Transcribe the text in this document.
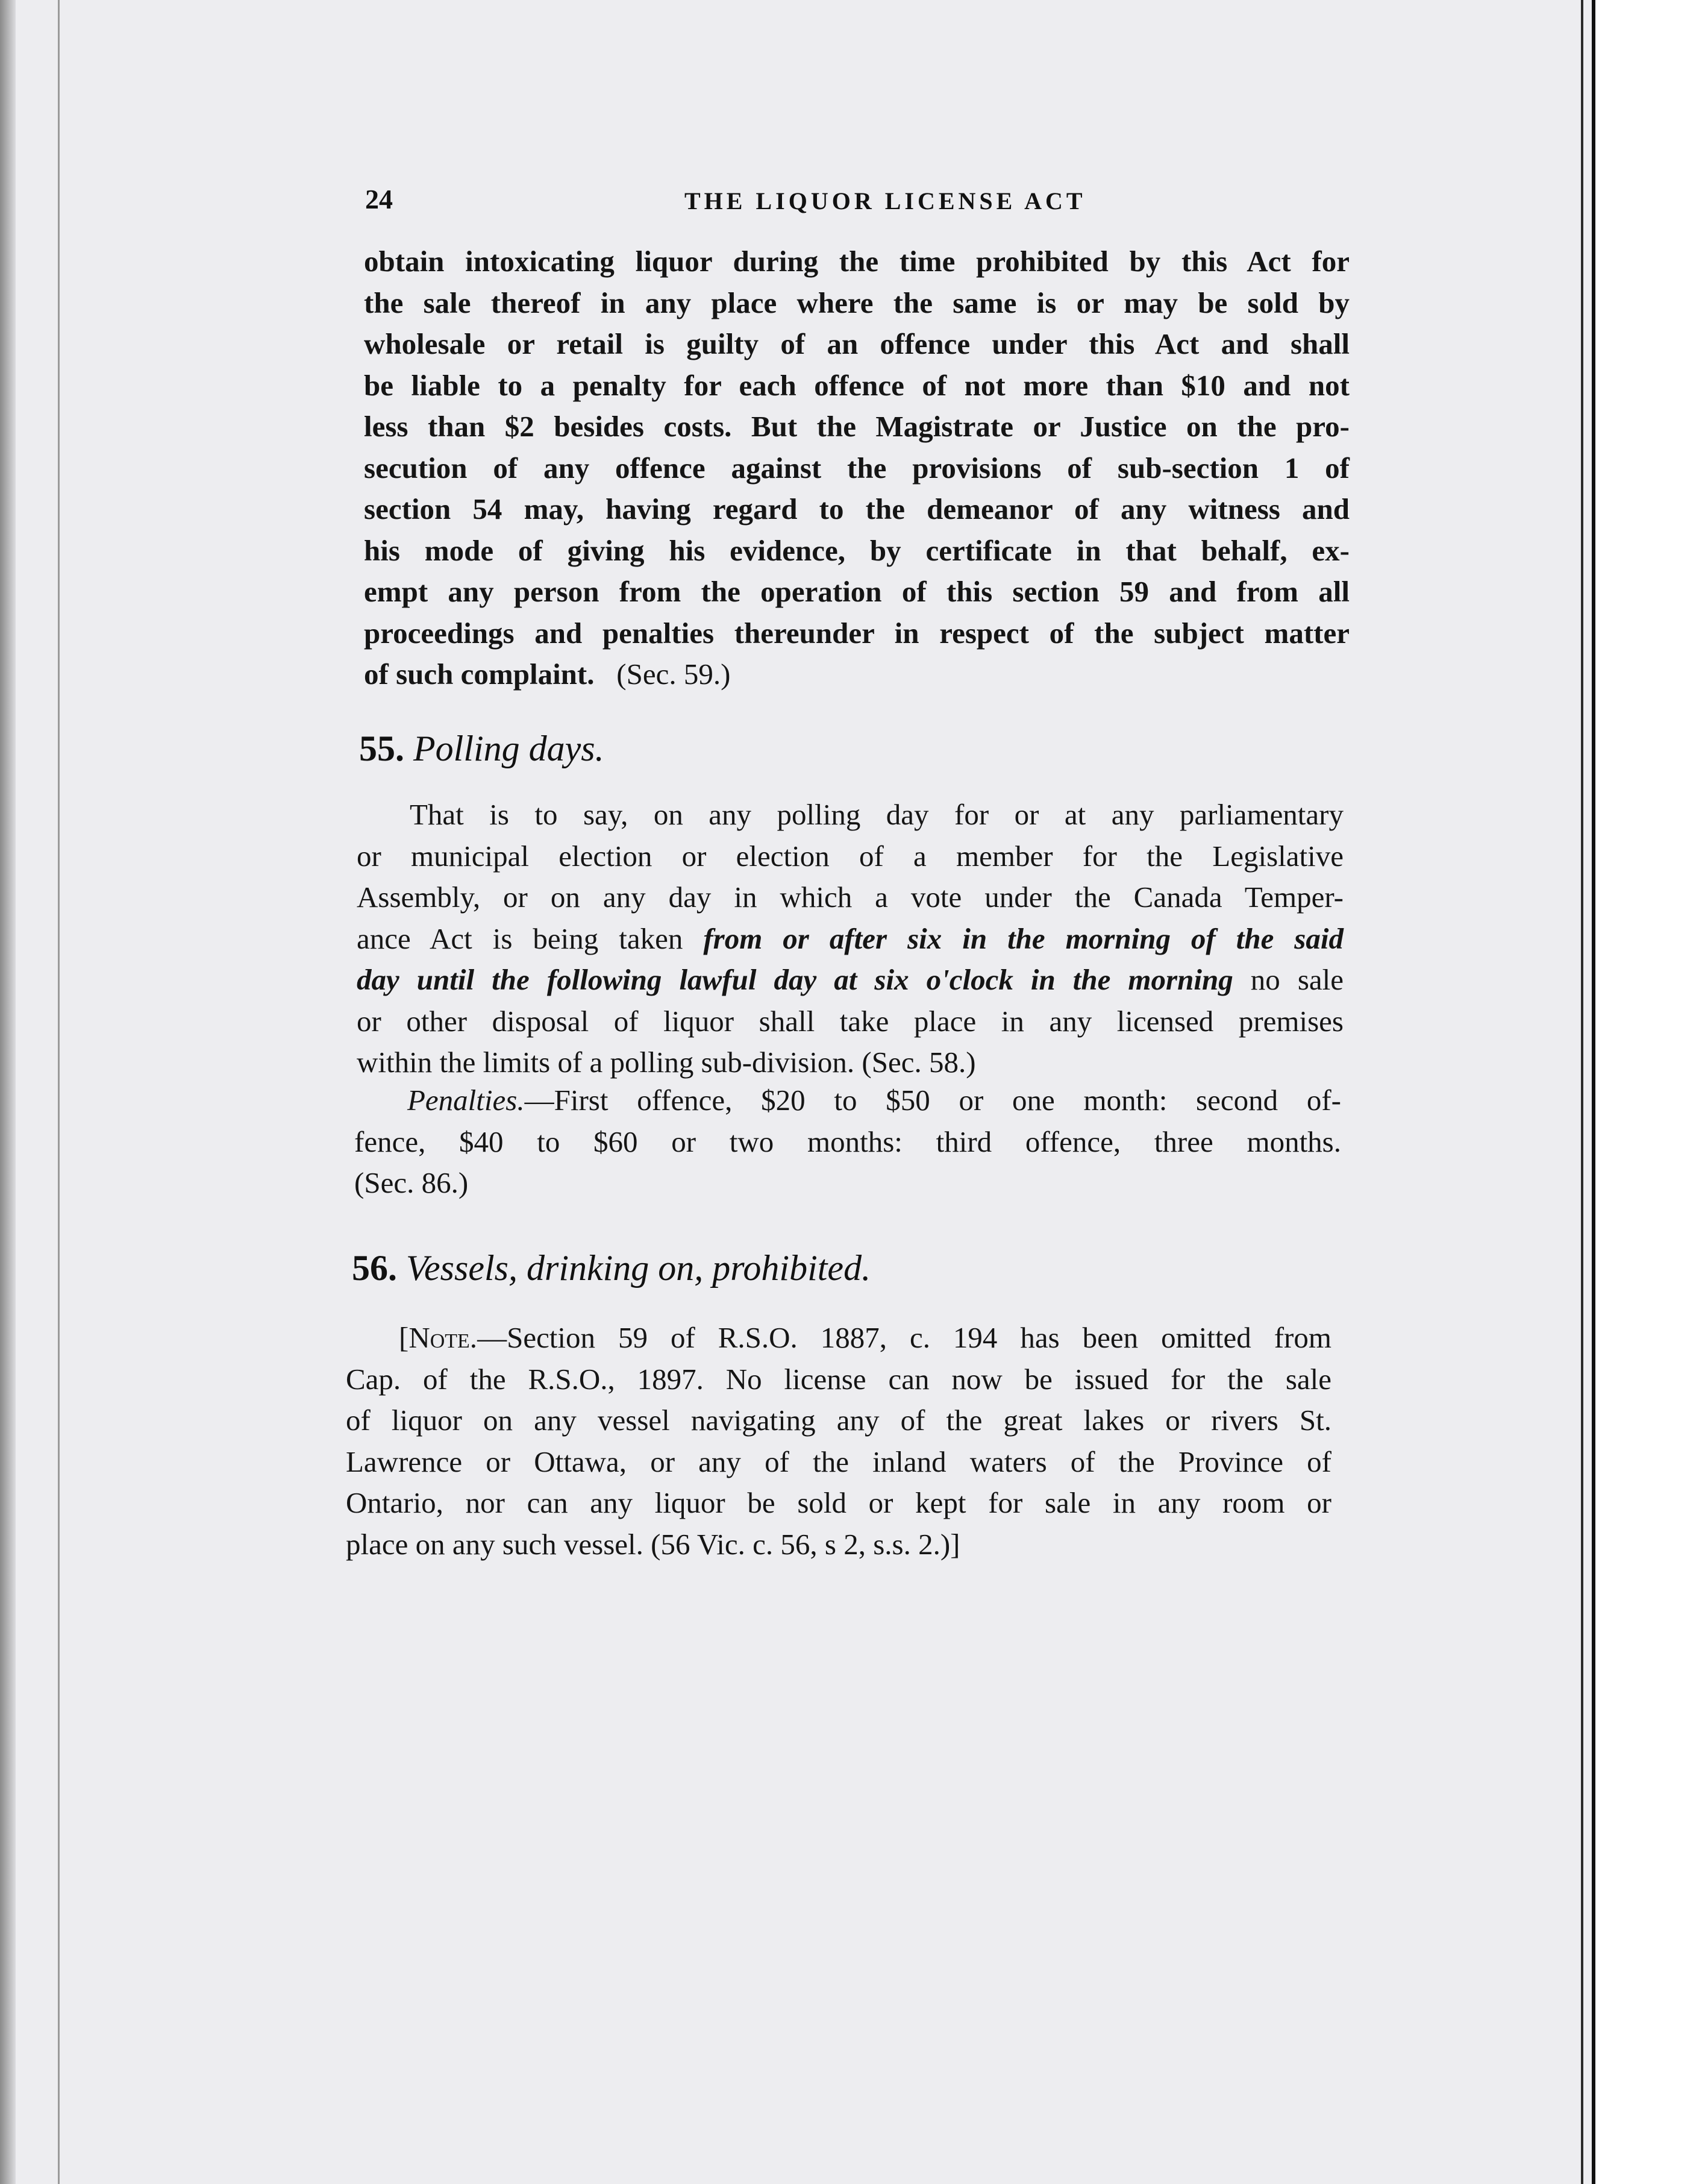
24	THE LIQUOR LICENSE ACT
obtain intoxicating liquor during the time prohibited by this Act for
the sale thereof in any place where the same is or may be sold by
wholesale or retail is guilty of an offence under this Act and shall
be liable to a penalty for each offence of not more than $10 and not
less than $2 besides costs. But the Magistrate or Justice on the pro-
secution of any offence against the provisions of sub-section 1 of
section 54 may, having regard to the demeanor of any witness and
his mode of giving his evidence, by certificate in that behalf, ex-
empt any person from the operation of this section 59 and from all
proceedings and penalties thereunder in respect of the subject matter
of such complaint. (Sec. 59.)
55. Polling days.
That is to say, on any polling day for or at any parliamentary
or municipal election or election of a member for the Legislative
Assembly, or on any day in which a vote under the Canada Temper-
ance Act is being taken from or after six in the morning of the said
day until the following lawful day at six o'clock in the morning no sale
or other disposal of liquor shall take place in any licensed premises
within the limits of a polling sub-division. (Sec. 58.)
Penalties.—First offence, $20 to $50 or one month: second of-
fence, $40 to $60 or two months: third offence, three months.
(Sec. 86.)
56. Vessels, drinking on, prohibited.
[Note.—Section 59 of R.S.O. 1887, c. 194 has been omitted from
Cap. of the R.S.O., 1897. No license can now be issued for the sale
of liquor on any vessel navigating any of the great lakes or rivers St.
Lawrence or Ottawa, or any of the inland waters of the Province of
Ontario, nor can any liquor be sold or kept for sale in any room or
place on any such vessel. (56 Vic. c. 56, s 2, s.s. 2.)]
